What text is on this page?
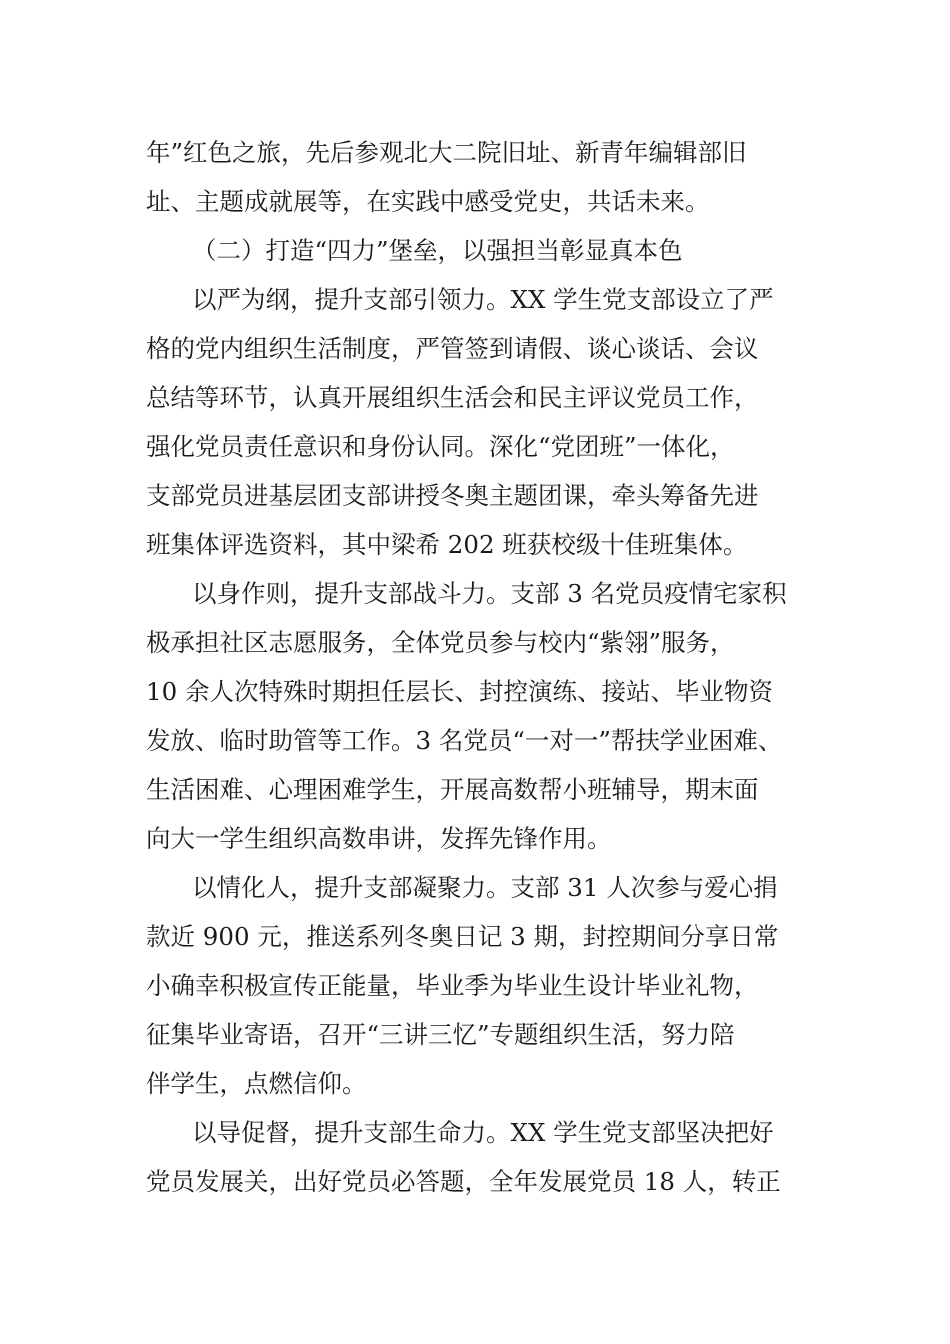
年”红色之旅，先后参观北大二院旧址、新青年编辑部旧
址、主题成就展等，在实践中感受党史，共话未来。
（二）打造“四力”堡垒，以强担当彰显真本色
以严为纲，提升支部引领力。XX 学生党支部设立了严
格的党内组织生活制度，严管签到请假、谈心谈话、会议
总结等环节，认真开展组织生活会和民主评议党员工作，
强化党员责任意识和身份认同。深化“党团班”一体化，
支部党员进基层团支部讲授冬奥主题团课，牵头筹备先进
班集体评选资料，其中梁希 202 班获校级十佳班集体。
以身作则，提升支部战斗力。支部 3 名党员疫情宅家积
极承担社区志愿服务，全体党员参与校内“紫翎”服务，
10 余人次特殊时期担任层长、封控演练、接站、毕业物资
发放、临时助管等工作。3 名党员“一对一”帮扶学业困难、
生活困难、心理困难学生，开展高数帮小班辅导，期末面
向大一学生组织高数串讲，发挥先锋作用。
以情化人，提升支部凝聚力。支部 31 人次参与爱心捐
款近 900 元，推送系列冬奥日记 3 期，封控期间分享日常
小确幸积极宣传正能量，毕业季为毕业生设计毕业礼物，
征集毕业寄语，召开“三讲三忆”专题组织生活，努力陪
伴学生，点燃信仰。
以导促督，提升支部生命力。XX 学生党支部坚决把好
党员发展关，出好党员必答题，全年发展党员 18 人，转正
